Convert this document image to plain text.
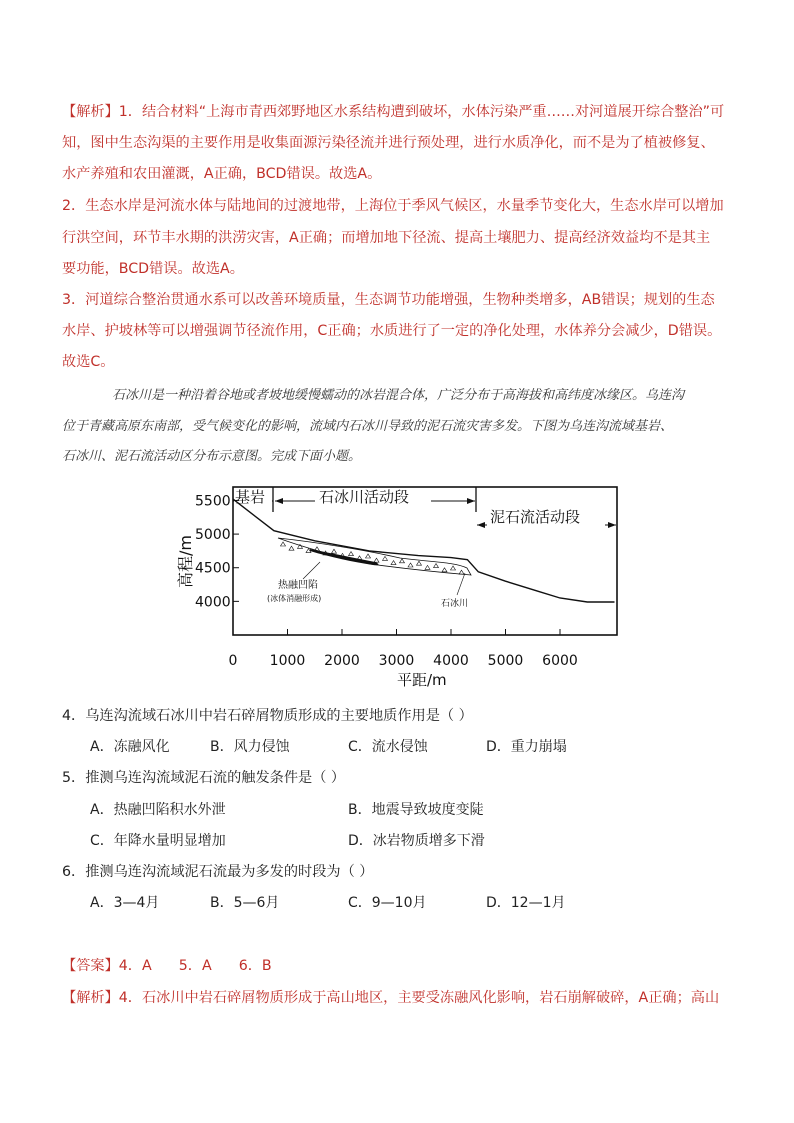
【解析】1．结合材料“上海市青西郊野地区水系结构遭到破坏，水体污染严重……对河道展开综合整治”可
知，图中生态沟渠的主要作用是收集面源污染径流并进行预处理，进行水质净化，而不是为了植被修复、
水产养殖和农田灌溉，A正确，BCD错误。故选A。
2．生态水岸是河流水体与陆地间的过渡地带，上海位于季风气候区，水量季节变化大，生态水岸可以增加
行洪空间，环节丰水期的洪涝灾害，A正确；而增加地下径流、提高土壤肥力、提高经济效益均不是其主
要功能，BCD错误。故选A。
3．河道综合整治贯通水系可以改善环境质量，生态调节功能增强，生物种类增多，AB错误；规划的生态
水岸、护坡林等可以增强调节径流作用，C正确；水质进行了一定的净化处理，水体养分会减少，D错误。
故选C。
石冰川是一种沿着谷地或者坡地缓慢蠕动的冰岩混合体，广泛分布于高海拔和高纬度冰缘区。乌连沟
位于青藏高原东南部，受气候变化的影响，流域内石冰川导致的泥石流灾害多发。下图为乌连沟流域基岩、
石冰川、泥石流活动区分布示意图。完成下面小题。
基岩	石冰川活动段
泥石流活动段
热融凹陷
(冰体消融形成)
石冰川
5500
5000
4500
4000
0 1000 2000 3000 4000 5000 6000
高程/m
平距/m
4．乌连沟流域石冰川中岩石碎屑物质形成的主要地质作用是（ ）
A．冻融风化	B．风力侵蚀	C．流水侵蚀	D．重力崩塌
5．推测乌连沟流域泥石流的触发条件是（ ）
A．热融凹陷积水外泄	B．地震导致坡度变陡
C．年降水量明显增加	D．冰岩物质增多下滑
6．推测乌连沟流域泥石流最为多发的时段为（ ）
A．3—4月	B．5—6月	C．9—10月	D．12—1月
【答案】4．A      5．A      6．B
【解析】4．石冰川中岩石碎屑物质形成于高山地区，主要受冻融风化影响，岩石崩解破碎，A正确；高山
